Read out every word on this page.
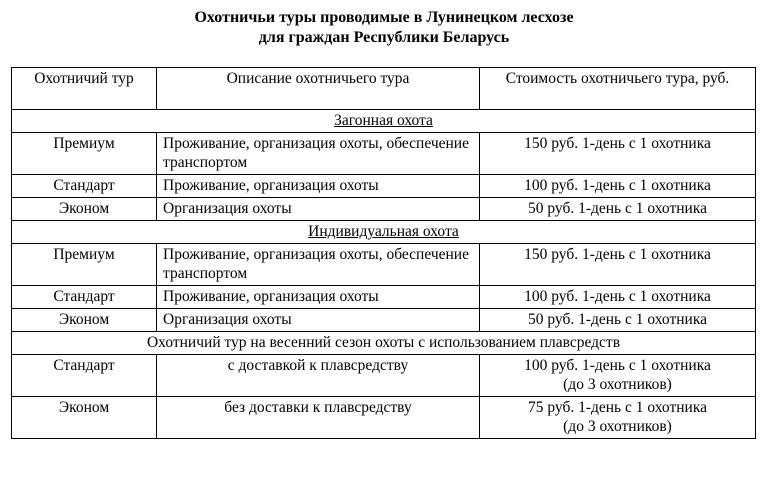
Охотничьи туры проводимые в Лунинецком лесхозе
для граждан Республики Беларусь
Охотничий тур	Описание охотничьего тура	Стоимость охотничьего тура, руб.
Загонная охота		
Премиум	Проживание, организация охоты, обеспечение транспортом	150 руб. 1-день с 1 охотника
Стандарт	Проживание, организация охоты	100 руб. 1-день с 1 охотника
Эконом	Организация охоты	50 руб. 1-день с 1 охотника
Индивидуальная охота		
Премиум	Проживание, организация охоты, обеспечение транспортом	150 руб. 1-день с 1 охотника
Стандарт	Проживание, организация охоты	100 руб. 1-день с 1 охотника
Эконом	Организация охоты	50 руб. 1-день с 1 охотника
Охотничий тур на весенний сезон охоты с использованием плавсредств		
Стандарт	с доставкой к плавсредству	100 руб. 1-день с 1 охотника
(до 3 охотников)

Эконом	без доставки к плавсредству	75 руб. 1-день с 1 охотника
(до 3 охотников)
